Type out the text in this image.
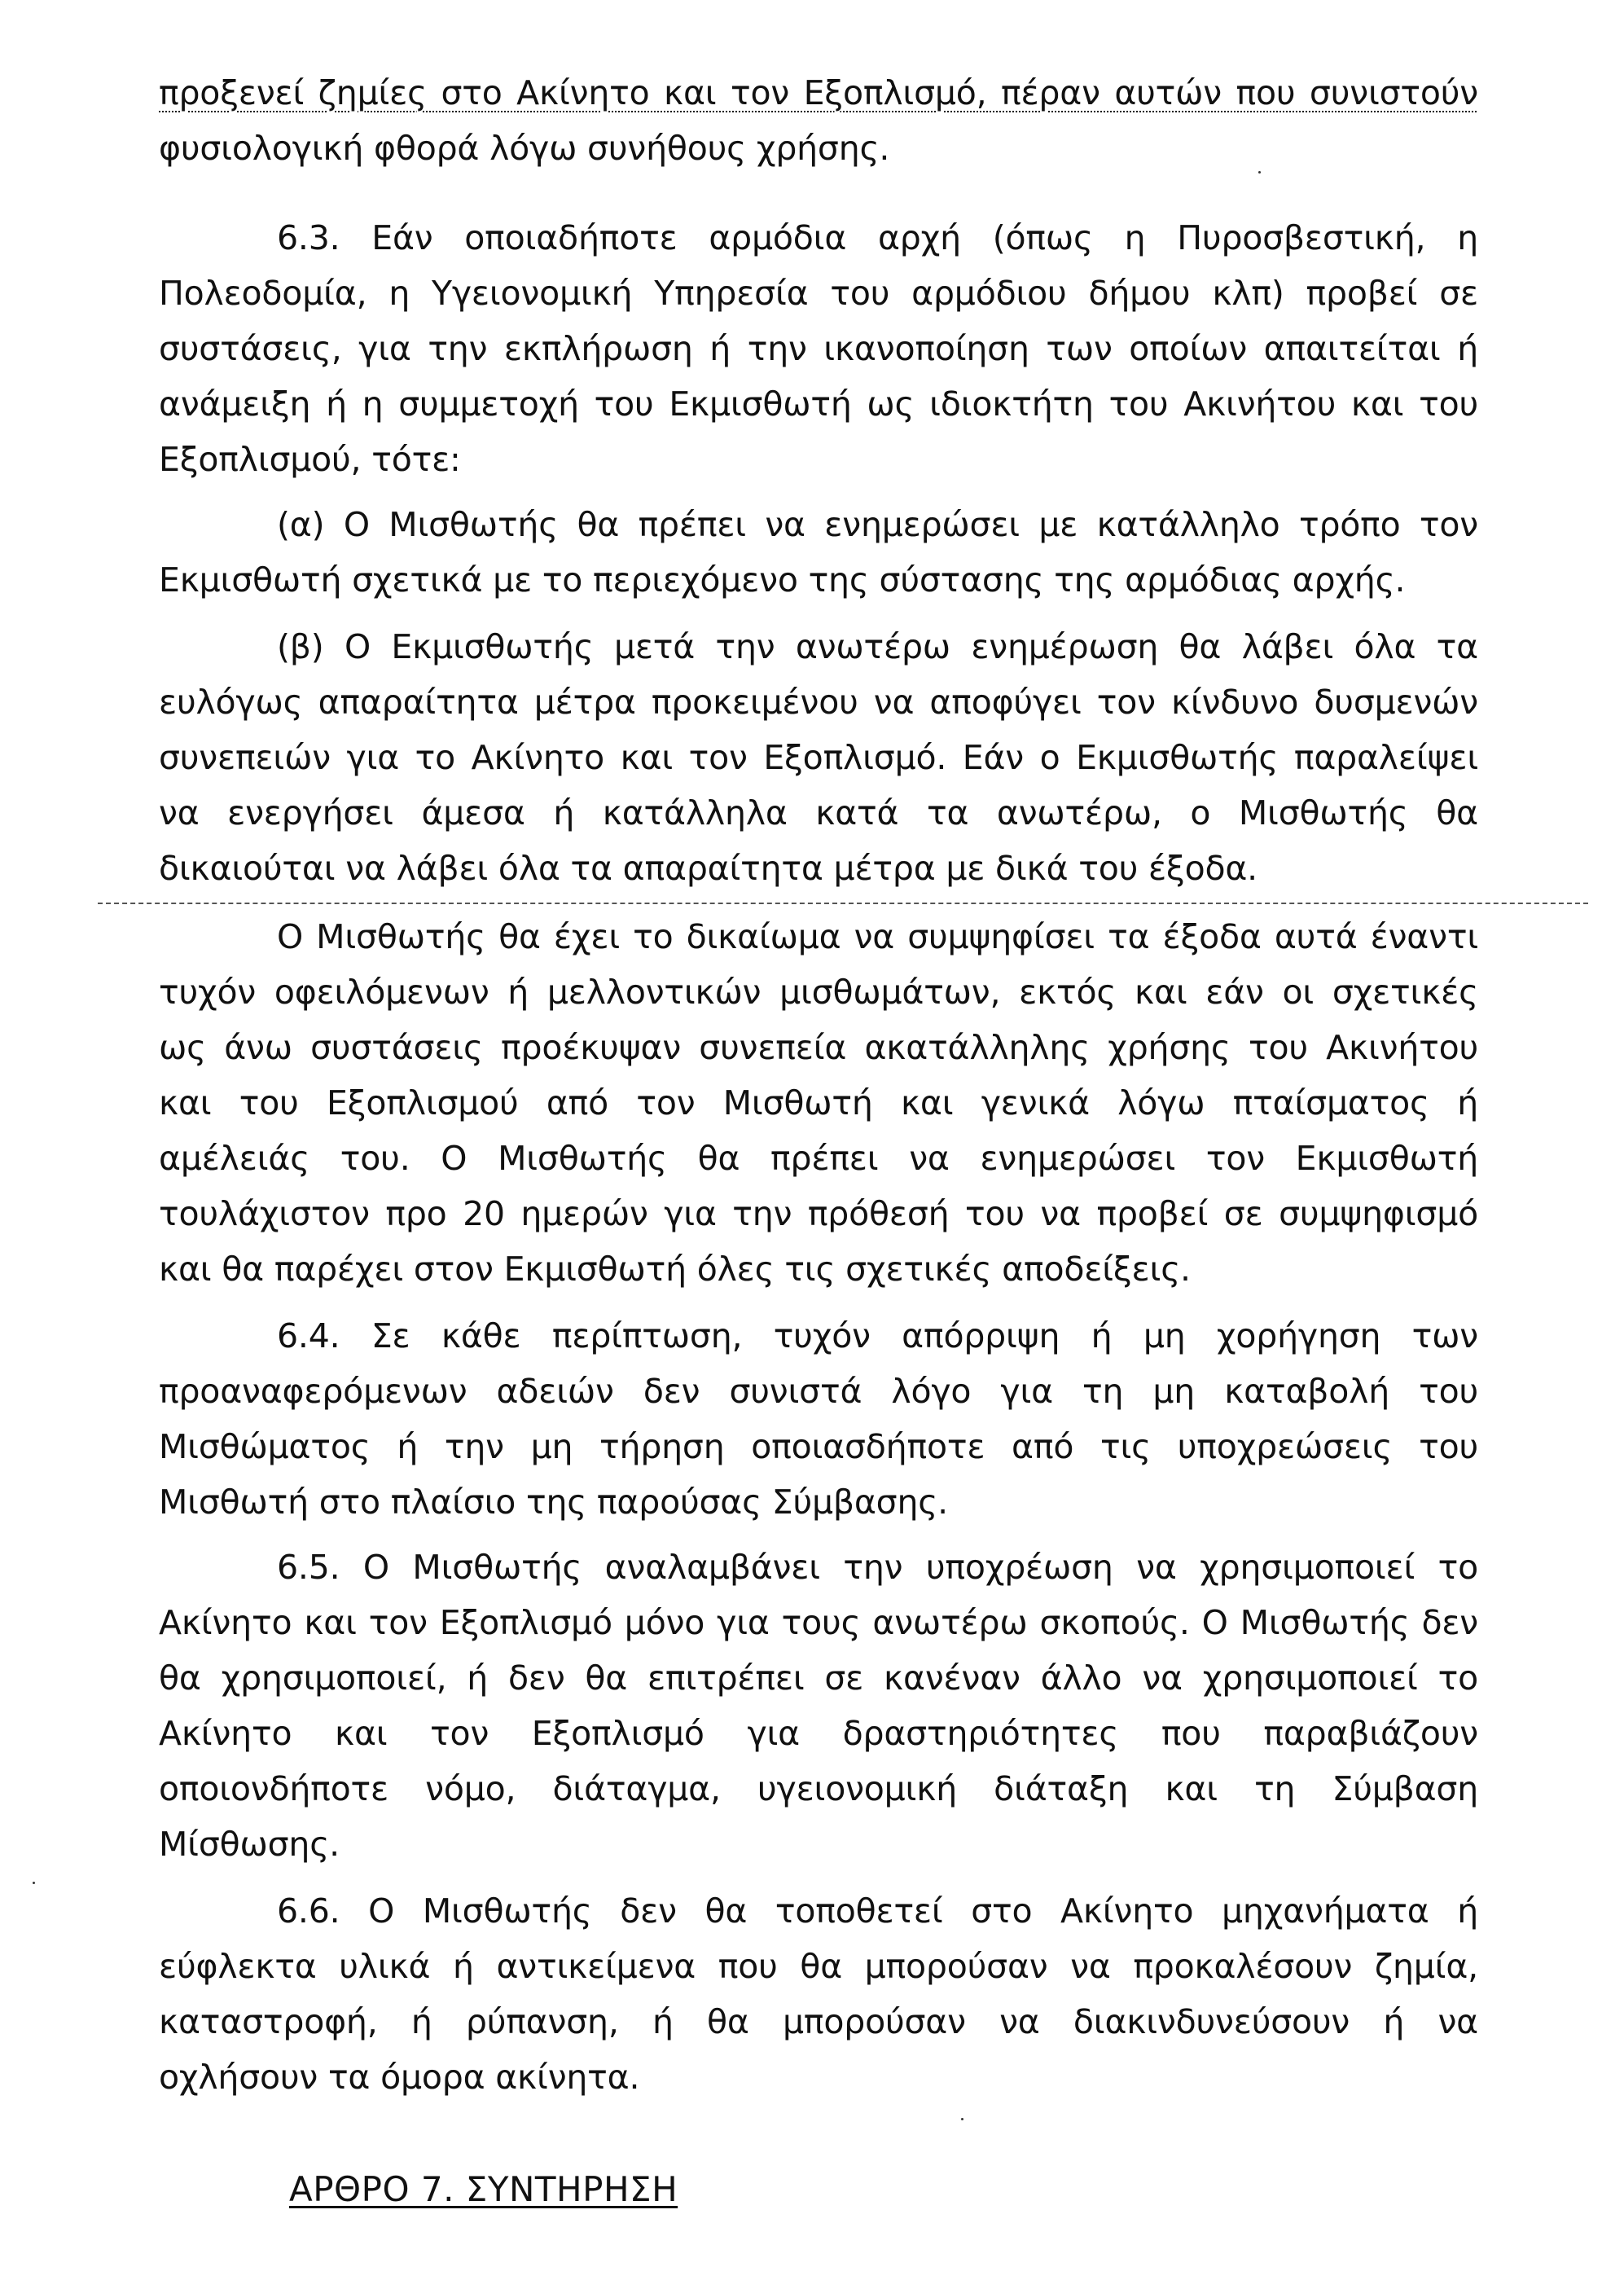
προξενεί ζημίες στο Ακίνητο και τον Εξοπλισμό, πέραν αυτών που συνιστούν
φυσιολογική φθορά λόγω συνήθους χρήσης.
6.3. Εάν οποιαδήποτε αρμόδια αρχή (όπως η Πυροσβεστική, η
Πολεοδομία, η Υγειονομική Υπηρεσία του αρμόδιου δήμου κλπ) προβεί σε
συστάσεις, για την εκπλήρωση ή την ικανοποίηση των οποίων απαιτείται ή
ανάμειξη ή η συμμετοχή του Εκμισθωτή ως ιδιοκτήτη του Ακινήτου και του
Εξοπλισμού, τότε:
(α) Ο Μισθωτής θα πρέπει να ενημερώσει με κατάλληλο τρόπο τον
Εκμισθωτή σχετικά με το περιεχόμενο της σύστασης της αρμόδιας αρχής.
(β) Ο Εκμισθωτής μετά την ανωτέρω ενημέρωση θα λάβει όλα τα
ευλόγως απαραίτητα μέτρα προκειμένου να αποφύγει τον κίνδυνο δυσμενών
συνεπειών για το Ακίνητο και τον Εξοπλισμό. Εάν ο Εκμισθωτής παραλείψει
να ενεργήσει άμεσα ή κατάλληλα κατά τα ανωτέρω, ο Μισθωτής θα
δικαιούται να λάβει όλα τα απαραίτητα μέτρα με δικά του έξοδα.
Ο Μισθωτής θα έχει το δικαίωμα να συμψηφίσει τα έξοδα αυτά έναντι
τυχόν οφειλόμενων ή μελλοντικών μισθωμάτων, εκτός και εάν οι σχετικές
ως άνω συστάσεις προέκυψαν συνεπεία ακατάλληλης χρήσης του Ακινήτου
και του Εξοπλισμού από τον Μισθωτή και γενικά λόγω πταίσματος ή
αμέλειάς του. Ο Μισθωτής θα πρέπει να ενημερώσει τον Εκμισθωτή
τουλάχιστον προ 20 ημερών για την πρόθεσή του να προβεί σε συμψηφισμό
και θα παρέχει στον Εκμισθωτή όλες τις σχετικές αποδείξεις.
6.4. Σε κάθε περίπτωση, τυχόν απόρριψη ή μη χορήγηση των
προαναφερόμενων αδειών δεν συνιστά λόγο για τη μη καταβολή του
Μισθώματος ή την μη τήρηση οποιασδήποτε από τις υποχρεώσεις του
Μισθωτή στο πλαίσιο της παρούσας Σύμβασης.
6.5. Ο Μισθωτής αναλαμβάνει την υποχρέωση να χρησιμοποιεί το
Ακίνητο και τον Εξοπλισμό μόνο για τους ανωτέρω σκοπούς. Ο Μισθωτής δεν
θα χρησιμοποιεί, ή δεν θα επιτρέπει σε κανέναν άλλο να χρησιμοποιεί το
Ακίνητο και τον Εξοπλισμό για δραστηριότητες που παραβιάζουν
οποιονδήποτε νόμο, διάταγμα, υγειονομική διάταξη και τη Σύμβαση
Μίσθωσης.
6.6. Ο Μισθωτής δεν θα τοποθετεί στο Ακίνητο μηχανήματα ή
εύφλεκτα υλικά ή αντικείμενα που θα μπορούσαν να προκαλέσουν ζημία,
καταστροφή, ή ρύπανση, ή θα μπορούσαν να διακινδυνεύσουν ή να
οχλήσουν τα όμορα ακίνητα.
ΑΡΘΡΟ 7. ΣΥΝΤΗΡΗΣΗ
